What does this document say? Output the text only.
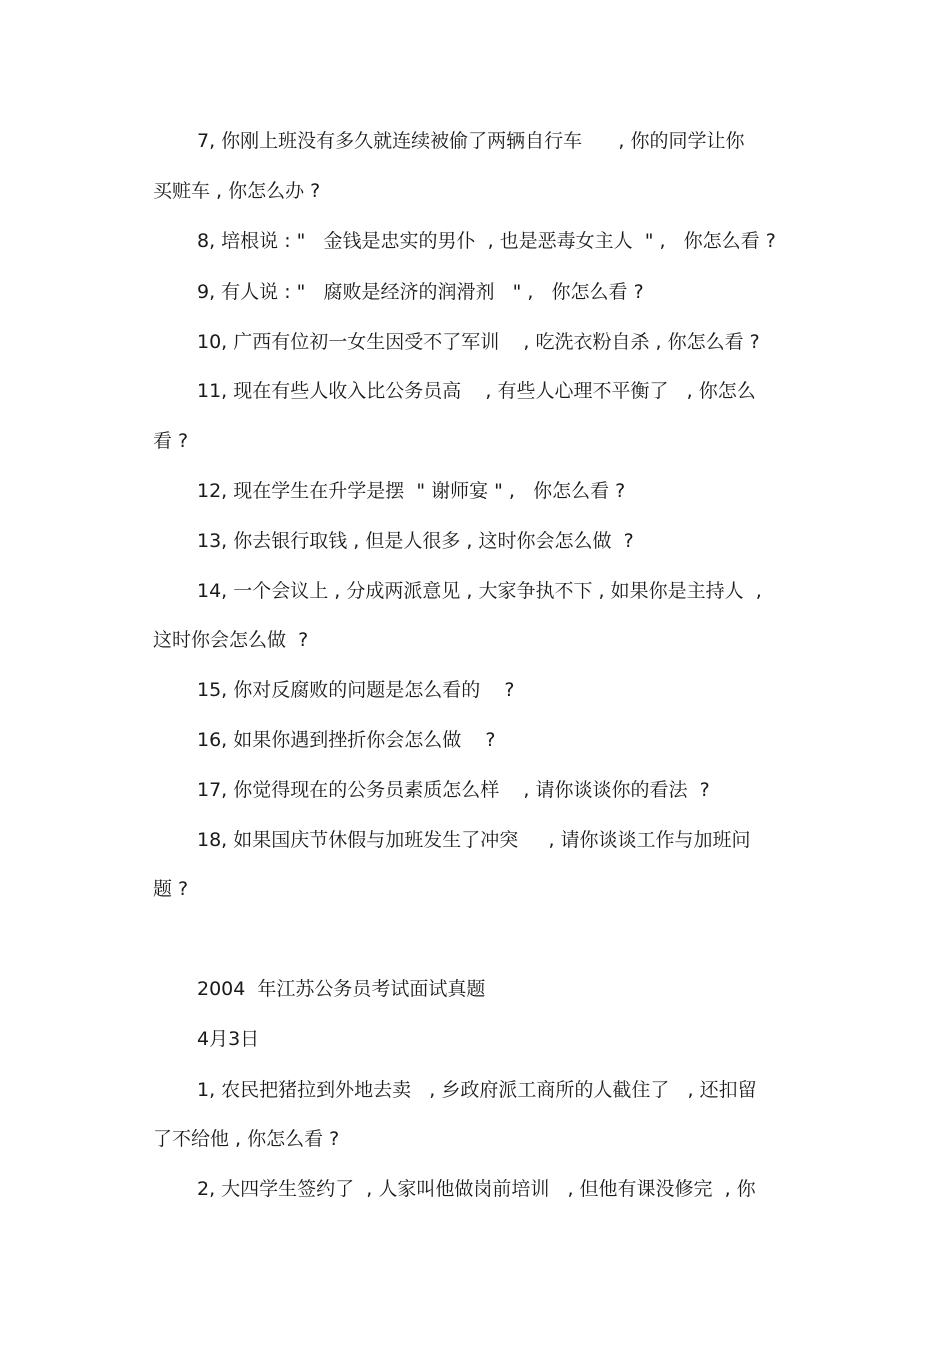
7, 你刚上班没有多久就连续被偷了两辆自行车      , 你的同学让你
买赃车 , 你怎么办 ?
8, 培根说 : "   金钱是忠实的男仆  , 也是恶毒女主人  " ,   你怎么看 ?
9, 有人说 : "   腐败是经济的润滑剂   " ,   你怎么看 ?
10, 广西有位初一女生因受不了军训    , 吃洗衣粉自杀 , 你怎么看 ?
11, 现在有些人收入比公务员高    , 有些人心理不平衡了   , 你怎么
看 ?
12, 现在学生在升学是摆  " 谢师宴 " ,   你怎么看 ?
13, 你去银行取钱 , 但是人很多 , 这时你会怎么做  ?
14, 一个会议上 , 分成两派意见 , 大家争执不下 , 如果你是主持人  ,
这时你会怎么做  ?
15, 你对反腐败的问题是怎么看的    ?
16, 如果你遇到挫折你会怎么做    ?
17, 你觉得现在的公务员素质怎么样    , 请你谈谈你的看法  ?
18, 如果国庆节休假与加班发生了冲突     , 请你谈谈工作与加班问
题 ?
2004  年江苏公务员考试面试真题
4月3日
1, 农民把猪拉到外地去卖   , 乡政府派工商所的人截住了   , 还扣留
了不给他 , 你怎么看 ?
2, 大四学生签约了  , 人家叫他做岗前培训   , 但他有课没修完  , 你
